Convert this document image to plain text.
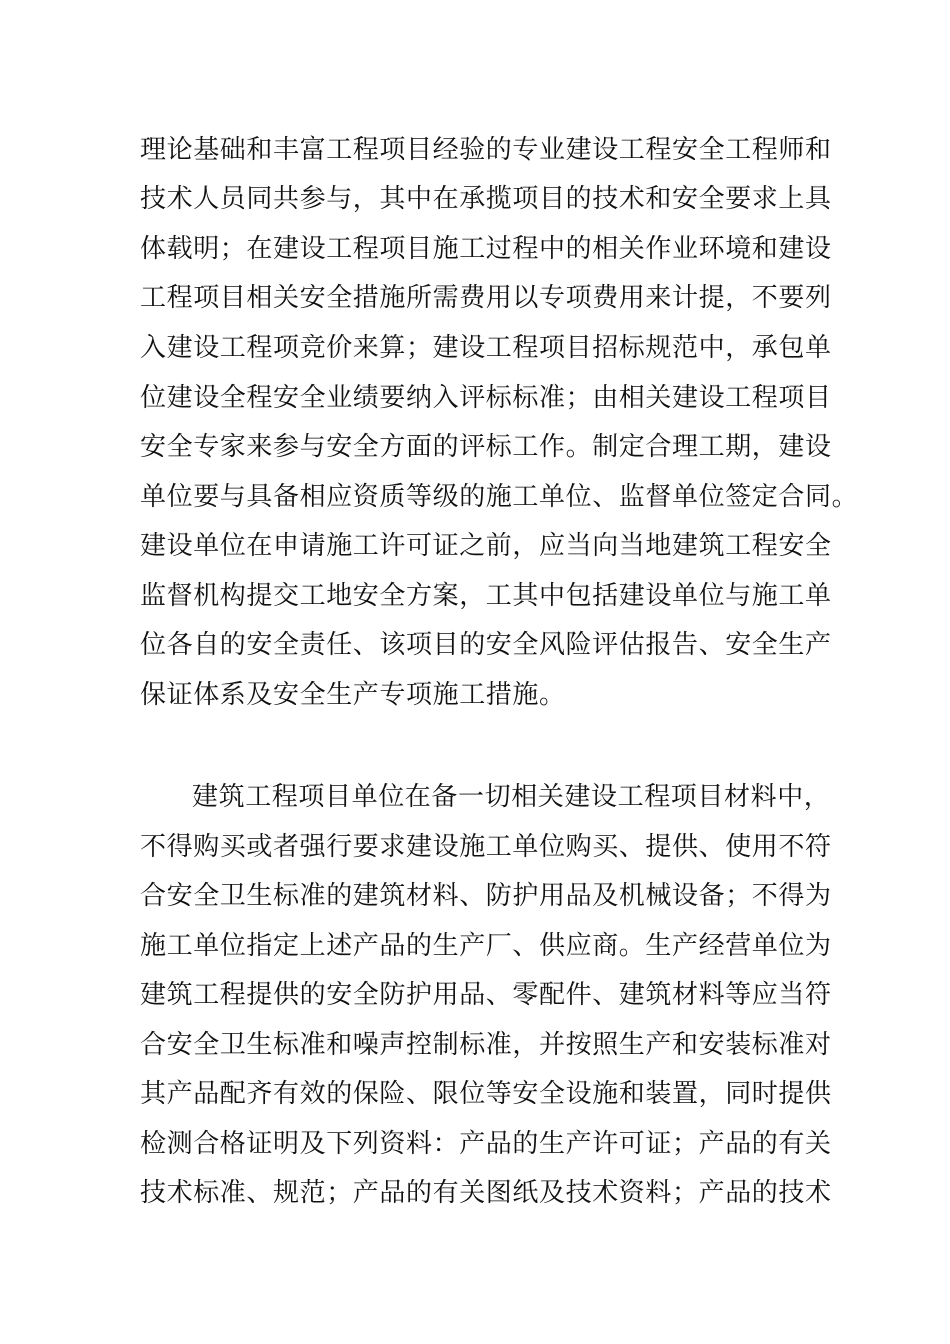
理论基础和丰富工程项目经验的专业建设工程安全工程师和
技术人员同共参与，其中在承揽项目的技术和安全要求上具
体载明；在建设工程项目施工过程中的相关作业环境和建设
工程项目相关安全措施所需费用以专项费用来计提，不要列
入建设工程项竞价来算；建设工程项目招标规范中，承包单
位建设全程安全业绩要纳入评标标准；由相关建设工程项目
安全专家来参与安全方面的评标工作。制定合理工期，建设
单位要与具备相应资质等级的施工单位、监督单位签定合同。
建设单位在申请施工许可证之前，应当向当地建筑工程安全
监督机构提交工地安全方案，工其中包括建设单位与施工单
位各自的安全责任、该项目的安全风险评估报告、安全生产
保证体系及安全生产专项施工措施。
建筑工程项目单位在备一切相关建设工程项目材料中，
不得购买或者强行要求建设施工单位购买、提供、使用不符
合安全卫生标准的建筑材料、防护用品及机械设备；不得为
施工单位指定上述产品的生产厂、供应商。生产经营单位为
建筑工程提供的安全防护用品、零配件、建筑材料等应当符
合安全卫生标准和噪声控制标准，并按照生产和安装标准对
其产品配齐有效的保险、限位等安全设施和装置，同时提供
检测合格证明及下列资料：产品的生产许可证；产品的有关
技术标准、规范；产品的有关图纸及技术资料；产品的技术
